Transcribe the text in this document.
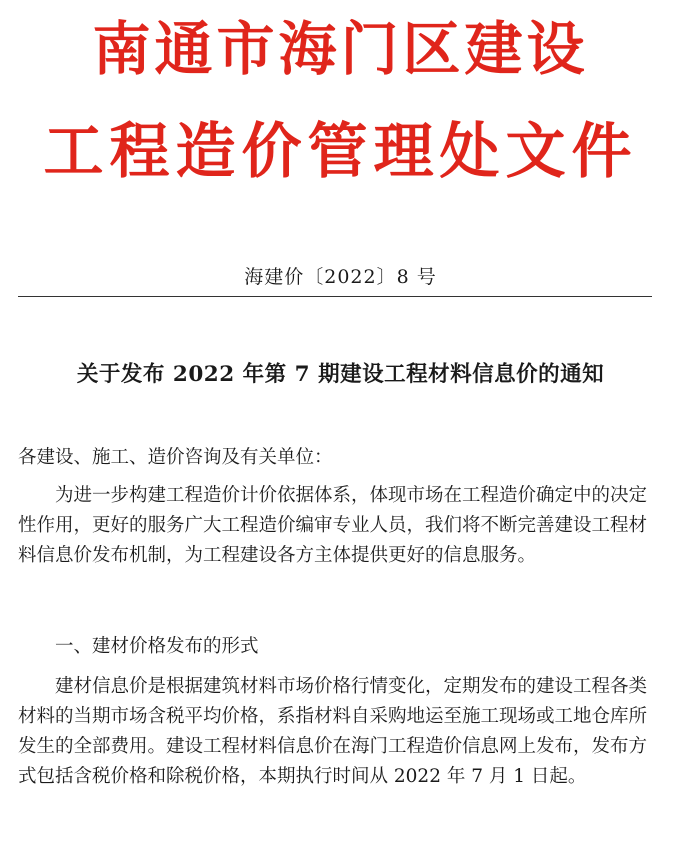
南通市海门区建设
工程造价管理处文件
海建价〔2022〕8 号
关于发布 2022 年第 7 期建设工程材料信息价的通知
各建设、施工、造价咨询及有关单位：
为进一步构建工程造价计价依据体系，体现市场在工程造价确定中的决定性作用，更好的服务广大工程造价编审专业人员，我们将不断完善建设工程材料信息价发布机制，为工程建设各方主体提供更好的信息服务。
一、建材价格发布的形式
建材信息价是根据建筑材料市场价格行情变化，定期发布的建设工程各类材料的当期市场含税平均价格，系指材料自采购地运至施工现场或工地仓库所发生的全部费用。建设工程材料信息价在海门工程造价信息网上发布，发布方式包括含税价格和除税价格，本期执行时间从 2022 年 7 月 1 日起。
